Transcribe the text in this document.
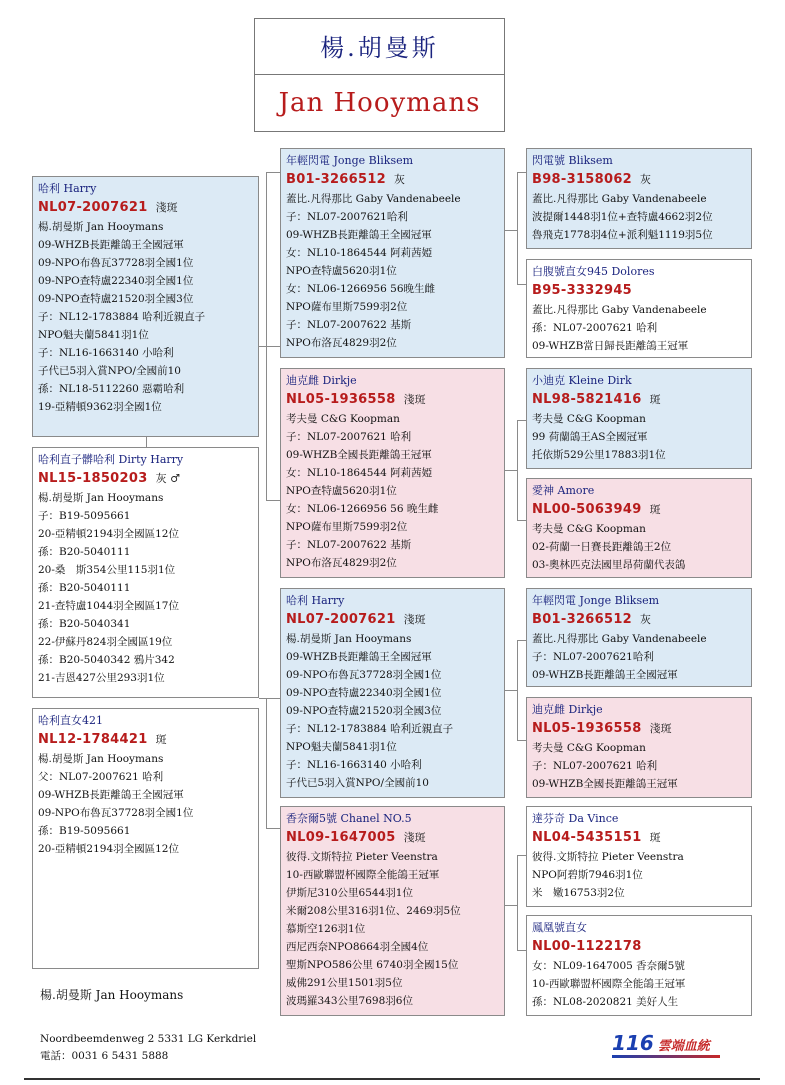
楊.胡曼斯
Jan Hooymans
哈利 Harry
NL07-2007621 淺斑
楊.胡曼斯 Jan Hooymans
09-WHZB長距離鴿王全國冠軍
09-NPO布魯瓦37728羽全國1位
09-NPO查特盧22340羽全國1位
09-NPO查特盧21520羽全國3位
子：NL12-1783884 哈利近親直子
NPO魁夫蘭5841羽1位
子：NL16-1663140 小哈利
子代已5羽入賞NPO/全國前10
孫：NL18-5112260 惡霸哈利
19-亞精頓9362羽全國1位
哈利直子髒哈利 Dirty Harry
NL15-1850203 灰 ♂
楊.胡曼斯 Jan Hooymans
子：B19-5095661
20-亞精頓2194羽全國區12位
孫：B20-5040111
20-桑　斯354公里115羽1位
孫：B20-5040111
21-查特盧1044羽全國區17位
孫：B20-5040341
22-伊蘇丹824羽全國區19位
孫：B20-5040342 鴉片342
21-吉恩427公里293羽1位
哈利直女421
NL12-1784421 斑
楊.胡曼斯 Jan Hooymans
父：NL07-2007621 哈利
09-WHZB長距離鴿王全國冠軍
09-NPO布魯瓦37728羽全國1位
孫：B19-5095661
20-亞精頓2194羽全國區12位
年輕閃電 Jonge Bliksem
B01-3266512 灰
蓋比.凡得那比 Gaby Vandenabeele
子：NL07-2007621哈利
09-WHZB長距離鴿王全國冠軍
女：NL10-1864544 阿莉茜婭
NPO查特盧5620羽1位
女：NL06-1266956 56晚生雌
NPO薩布里斯7599羽2位
子：NL07-2007622 基斯
NPO布洛瓦4829羽2位
迪克雌 Dirkje
NL05-1936558 淺斑
考夫曼 C&G Koopman
子：NL07-2007621 哈利
09-WHZB全國長距離鴿王冠軍
女：NL10-1864544 阿莉茜婭
NPO查特盧5620羽1位
女：NL06-1266956 56 晚生雌
NPO薩布里斯7599羽2位
子：NL07-2007622 基斯
NPO布洛瓦4829羽2位
哈利 Harry
NL07-2007621 淺斑
楊.胡曼斯 Jan Hooymans
09-WHZB長距離鴿王全國冠軍
09-NPO布魯瓦37728羽全國1位
09-NPO查特盧22340羽全國1位
09-NPO查特盧21520羽全國3位
子：NL12-1783884 哈利近親直子
NPO魁夫蘭5841羽1位
子：NL16-1663140 小哈利
子代已5羽入賞NPO/全國前10
香奈爾5號 Chanel NO.5
NL09-1647005 淺斑
彼得.文斯特拉 Pieter Veenstra
10-西歐聯盟杯國際全能鴿王冠軍
伊斯尼310公里6544羽1位
米爾208公里316羽1位、2469羽5位
慕斯空126羽1位
西尼西奈NPO8664羽全國4位
聖斯NPO586公里 6740羽全國15位
威佛291公里1501羽5位
波瑪羅343公里7698羽6位
閃電號 Bliksem
B98-3158062 灰
蓋比.凡得那比 Gaby Vandenabeele
波提爾1448羽1位+查特盧4662羽2位
魯飛克1778羽4位+派利魁1119羽5位
白腹號直女945 Dolores
B95-3332945
蓋比.凡得那比 Gaby Vandenabeele
孫：NL07-2007621 哈利
09-WHZB當日歸長距離鴿王冠軍
小迪克 Kleine Dirk
NL98-5821416 斑
考夫曼 C&G Koopman
99 荷蘭鴿王AS全國冠軍
托依斯529公里17883羽1位
愛神 Amore
NL00-5063949 斑
考夫曼 C&G Koopman
02-荷蘭一日賽長距離鴿王2位
03-奧林匹克法國里昂荷蘭代表鴿
年輕閃電 Jonge Bliksem
B01-3266512 灰
蓋比.凡得那比 Gaby Vandenabeele
子：NL07-2007621哈利
09-WHZB長距離鴿王全國冠軍
迪克雌 Dirkje
NL05-1936558 淺斑
考夫曼 C&G Koopman
子：NL07-2007621 哈利
09-WHZB全國長距離鴿王冠軍
達芬奇 Da Vince
NL04-5435151 斑
彼得.文斯特拉 Pieter Veenstra
NPO阿碧斯7946羽1位
米　嫩16753羽2位
鳳凰號直女
NL00-1122178
女：NL09-1647005 香奈爾5號
10-西歐聯盟杯國際全能鴿王冠軍
孫：NL08-2020821 美好人生
楊.胡曼斯 Jan Hooymans
Noordbeemdenweg 2 5331 LG Kerkdriel
電話：0031 6 5431 5888
116 雲端血統
